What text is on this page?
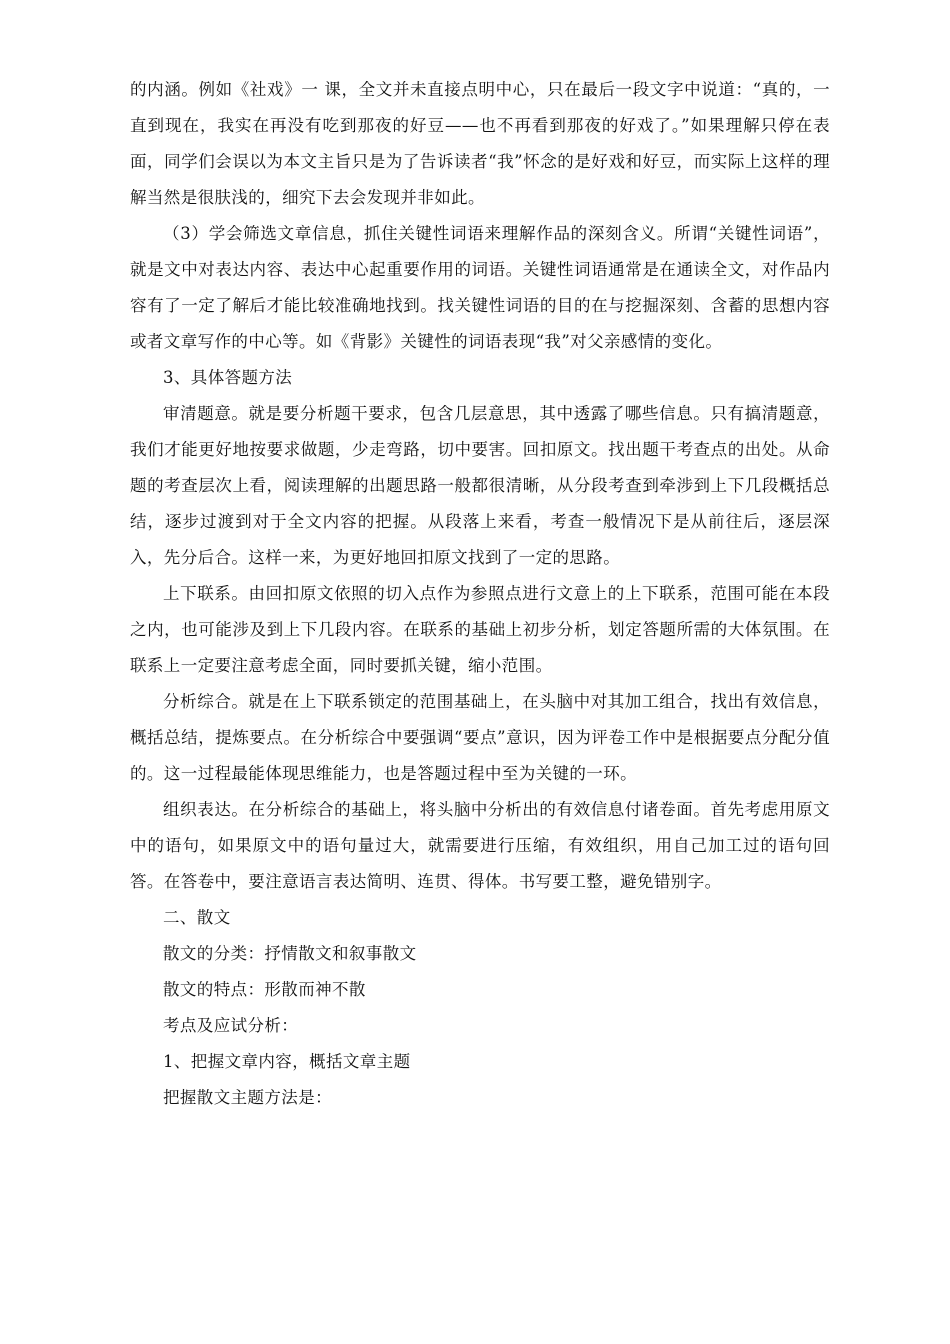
的内涵。例如《社戏》一 课，全文并未直接点明中心，只在最后一段文字中说道：“真的，一直到现在，我实在再没有吃到那夜的好豆——也不再看到那夜的好戏了。”如果理解只停在表面，同学们会误以为本文主旨只是为了告诉读者“我”怀念的是好戏和好豆，而实际上这样的理解当然是很肤浅的，细究下去会发现并非如此。

（3）学会筛选文章信息，抓住关键性词语来理解作品的深刻含义。所谓“关键性词语”，就是文中对表达内容、表达中心起重要作用的词语。关键性词语通常是在通读全文，对作品内容有了一定了解后才能比较准确地找到。找关键性词语的目的在与挖掘深刻、含蓄的思想内容或者文章写作的中心等。如《背影》关键性的词语表现“我”对父亲感情的变化。

3、具体答题方法

审清题意。就是要分析题干要求，包含几层意思，其中透露了哪些信息。只有搞清题意，我们才能更好地按要求做题，少走弯路，切中要害。回扣原文。找出题干考查点的出处。从命题的考查层次上看，阅读理解的出题思路一般都很清晰，从分段考查到牵涉到上下几段概括总结，逐步过渡到对于全文内容的把握。从段落上来看，考查一般情况下是从前往后，逐层深入，先分后合。这样一来，为更好地回扣原文找到了一定的思路。

上下联系。由回扣原文依照的切入点作为参照点进行文意上的上下联系，范围可能在本段之内，也可能涉及到上下几段内容。在联系的基础上初步分析，划定答题所需的大体氛围。在联系上一定要注意考虑全面，同时要抓关键，缩小范围。

分析综合。就是在上下联系锁定的范围基础上，在头脑中对其加工组合，找出有效信息，概括总结，提炼要点。在分析综合中要强调“要点”意识，因为评卷工作中是根据要点分配分值的。这一过程最能体现思维能力，也是答题过程中至为关键的一环。

组织表达。在分析综合的基础上，将头脑中分析出的有效信息付诸卷面。首先考虑用原文中的语句，如果原文中的语句量过大，就需要进行压缩，有效组织，用自己加工过的语句回答。在答卷中，要注意语言表达简明、连贯、得体。书写要工整，避免错别字。

二、散文

散文的分类：抒情散文和叙事散文

散文的特点：形散而神不散

考点及应试分析：

1、把握文章内容，概括文章主题

把握散文主题方法是：
